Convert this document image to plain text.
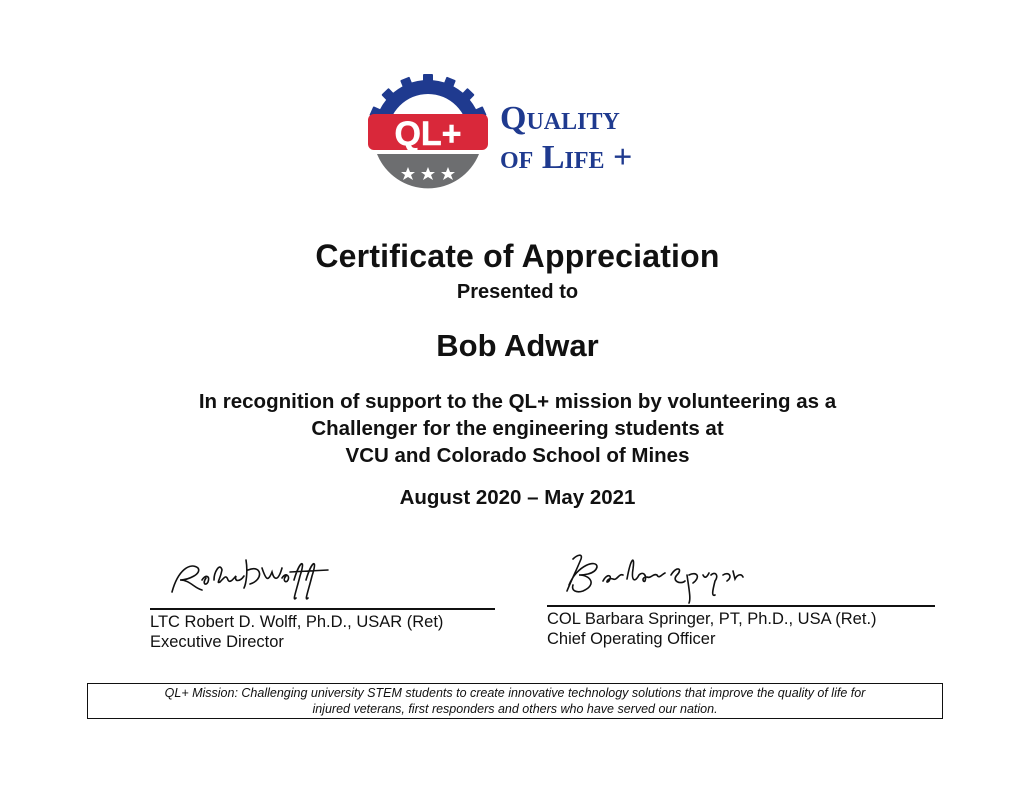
QL+ Quality
of Life +
Certificate of Appreciation
Presented to
Bob Adwar
In recognition of support to the QL+ mission by volunteering as a
Challenger for the engineering students at
VCU and Colorado School of Mines
August 2020 – May 2021
LTC Robert D. Wolff, Ph.D., USAR (Ret)
Executive Director
COL Barbara Springer, PT, Ph.D., USA (Ret.)
Chief Operating Officer
QL+ Mission: Challenging university STEM students to create innovative technology solutions that improve the quality of life for
injured veterans, first responders and others who have served our nation.
